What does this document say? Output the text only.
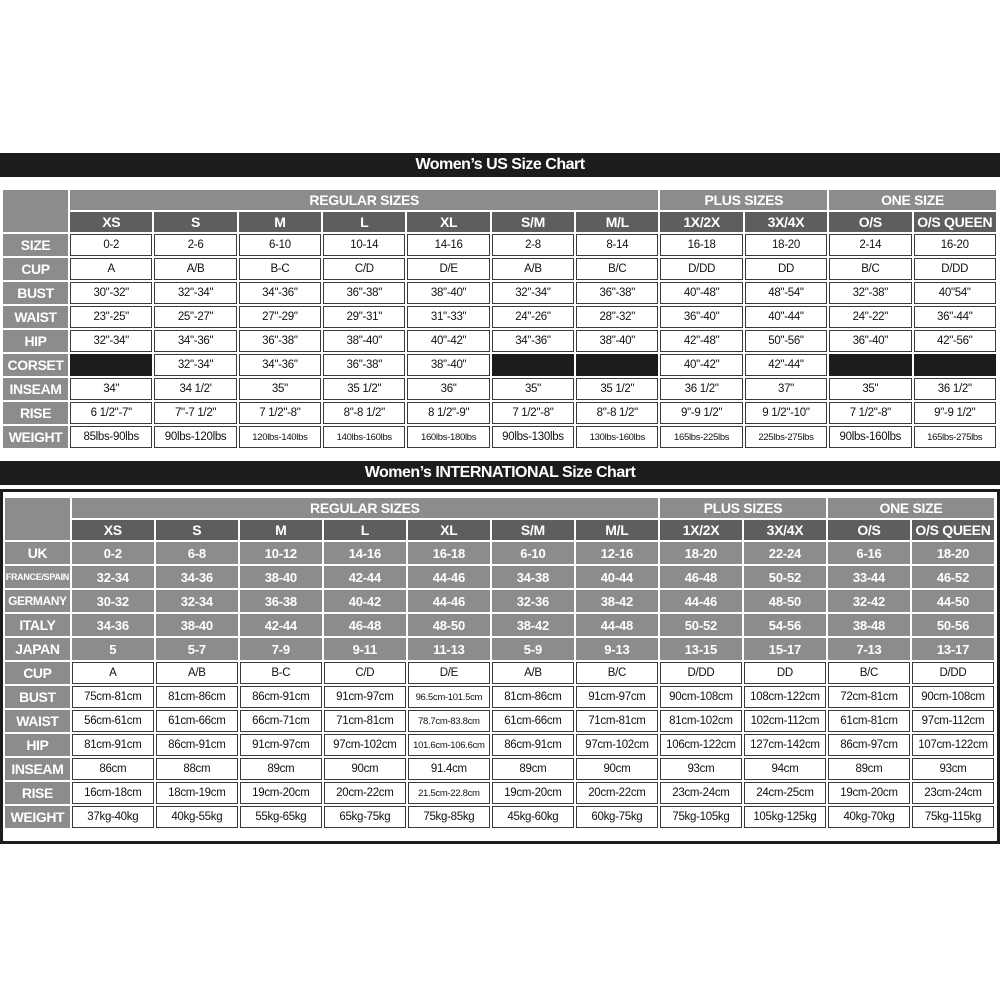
Women’s US Size Chart
	REGULAR SIZES							PLUS SIZES		ONE SIZE	
	XS	S	M	L	XL	S/M	M/L	1X/2X	3X/4X	O/S	O/S QUEEN
SIZE	0-2	2-6	6-10	10-14	14-16	2-8	8-14	16-18	18-20	2-14	16-20
CUP	A	A/B	B-C	C/D	D/E	A/B	B/C	D/DD	DD	B/C	D/DD
BUST	30"-32"	32"-34"	34"-36"	36"-38"	38"-40"	32"-34"	36"-38"	40"-48"	48"-54"	32"-38"	40"54"
WAIST	23"-25"	25"-27"	27"-29"	29"-31"	31"-33"	24"-26"	28"-32"	36"-40"	40"-44"	24"-22"	36"-44"
HIP	32"-34"	34"-36"	36"-38"	38"-40"	40"-42"	34"-36"	38"-40"	42"-48"	50"-56"	36"-40"	42"-56"
CORSET		32"-34"	34"-36"	36"-38"	38"-40"			40"-42"	42"-44"		
INSEAM	34"	34 1/2'	35"	35 1/2"	36"	35"	35 1/2"	36 1/2"	37"	35"	36 1/2"
RISE	6 1/2"-7"	7"-7 1/2"	7 1/2"-8"	8"-8 1/2"	8 1/2"-9"	7 1/2"-8"	8"-8 1/2"	9"-9 1/2"	9 1/2"-10"	7 1/2"-8"	9"-9 1/2"
WEIGHT	85lbs-90lbs	90lbs-120lbs	120lbs-140lbs	140lbs-160lbs	160lbs-180lbs	90lbs-130lbs	130lbs-160lbs	165lbs-225lbs	225lbs-275lbs	90lbs-160lbs	165lbs-275lbs
Women’s INTERNATIONAL Size Chart
	REGULAR SIZES							PLUS SIZES		ONE SIZE	
	XS	S	M	L	XL	S/M	M/L	1X/2X	3X/4X	O/S	O/S QUEEN
UK	0-2	6-8	10-12	14-16	16-18	6-10	12-16	18-20	22-24	6-16	18-20
FRANCE/SPAIN	32-34	34-36	38-40	42-44	44-46	34-38	40-44	46-48	50-52	33-44	46-52
GERMANY	30-32	32-34	36-38	40-42	44-46	32-36	38-42	44-46	48-50	32-42	44-50
ITALY	34-36	38-40	42-44	46-48	48-50	38-42	44-48	50-52	54-56	38-48	50-56
JAPAN	5	5-7	7-9	9-11	11-13	5-9	9-13	13-15	15-17	7-13	13-17
CUP	A	A/B	B-C	C/D	D/E	A/B	B/C	D/DD	DD	B/C	D/DD
BUST	75cm-81cm	81cm-86cm	86cm-91cm	91cm-97cm	96.5cm-101.5cm	81cm-86cm	91cm-97cm	90cm-108cm	108cm-122cm	72cm-81cm	90cm-108cm
WAIST	56cm-61cm	61cm-66cm	66cm-71cm	71cm-81cm	78.7cm-83.8cm	61cm-66cm	71cm-81cm	81cm-102cm	102cm-112cm	61cm-81cm	97cm-112cm
HIP	81cm-91cm	86cm-91cm	91cm-97cm	97cm-102cm	101.6cm-106.6cm	86cm-91cm	97cm-102cm	106cm-122cm	127cm-142cm	86cm-97cm	107cm-122cm
INSEAM	86cm	88cm	89cm	90cm	91.4cm	89cm	90cm	93cm	94cm	89cm	93cm
RISE	16cm-18cm	18cm-19cm	19cm-20cm	20cm-22cm	21.5cm-22.8cm	19cm-20cm	20cm-22cm	23cm-24cm	24cm-25cm	19cm-20cm	23cm-24cm
WEIGHT	37kg-40kg	40kg-55kg	55kg-65kg	65kg-75kg	75kg-85kg	45kg-60kg	60kg-75kg	75kg-105kg	105kg-125kg	40kg-70kg	75kg-115kg
